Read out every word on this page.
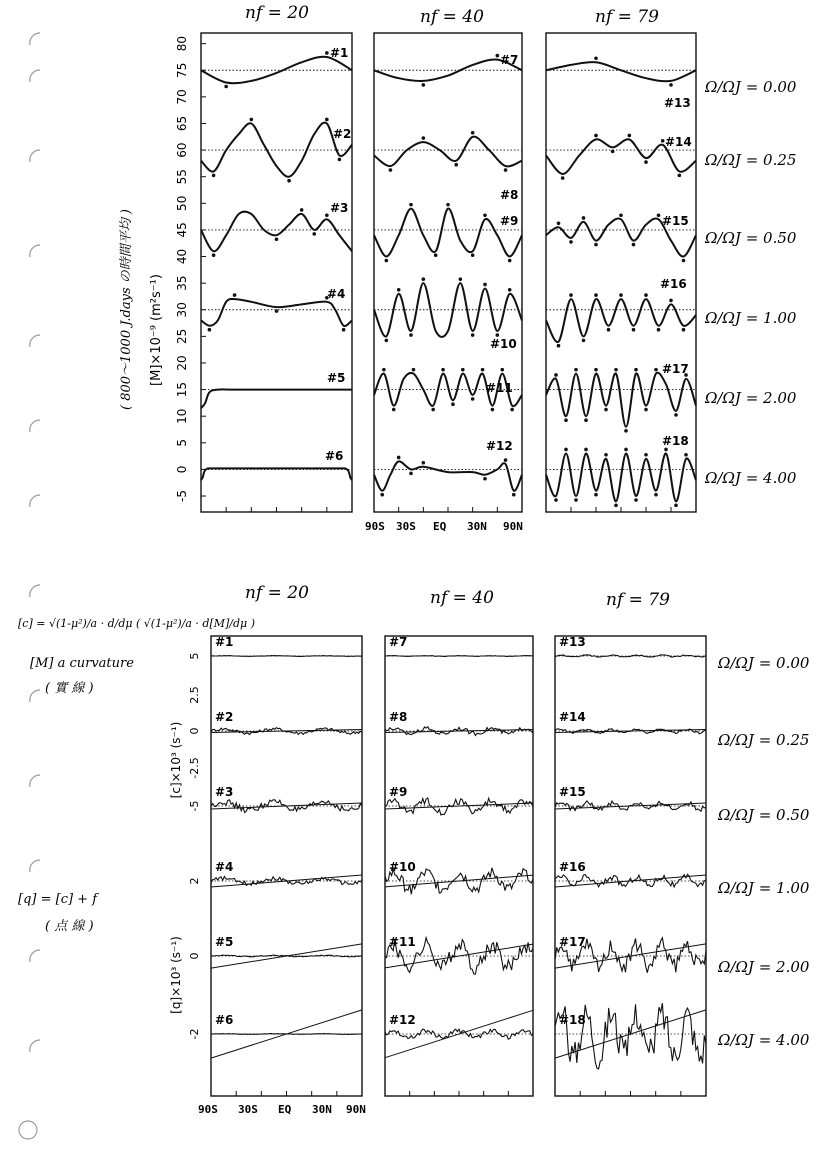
nf = 20	nf = 40	nf = 79
( 800～1000 J.days の時間平均 ) [M]×10⁻⁹ (m²s⁻¹)
80
75
70
65
60
55
50
45
40
35
30
25
20
15
10
5
0
-5
#1
#2
#3
#4
#5
#6
#7
#8
#9
#10
#11
#12
#13
#14
#15
#16
#17
#18
90S 30S EQ 30N 90N
Ω/ΩJ = 0.00
Ω/ΩJ = 0.25
Ω/ΩJ = 0.50
Ω/ΩJ = 1.00
Ω/ΩJ = 2.00
Ω/ΩJ = 4.00
nf = 20	nf = 40	nf = 79
[c] = √(1-μ²)/a · d/dμ ( √(1-μ²)/a · d[M]/dμ )
[M] a curvature
( 實 線 )
[q] = [c] + f
( 点 線 )
[c]×10³ (s⁻¹)
[q]×10³ (s⁻¹)
5
2.5
0
-2.5
-5
2
0
-2
#1
#2
#3
#4
#5
#6
#7
#8
#9
#10
#11
#12
#13
#14
#15
#16
#17
#18
90S 30S EQ 30N 90N
Ω/ΩJ = 0.00
Ω/ΩJ = 0.25
Ω/ΩJ = 0.50
Ω/ΩJ = 1.00
Ω/ΩJ = 2.00
Ω/ΩJ = 4.00
